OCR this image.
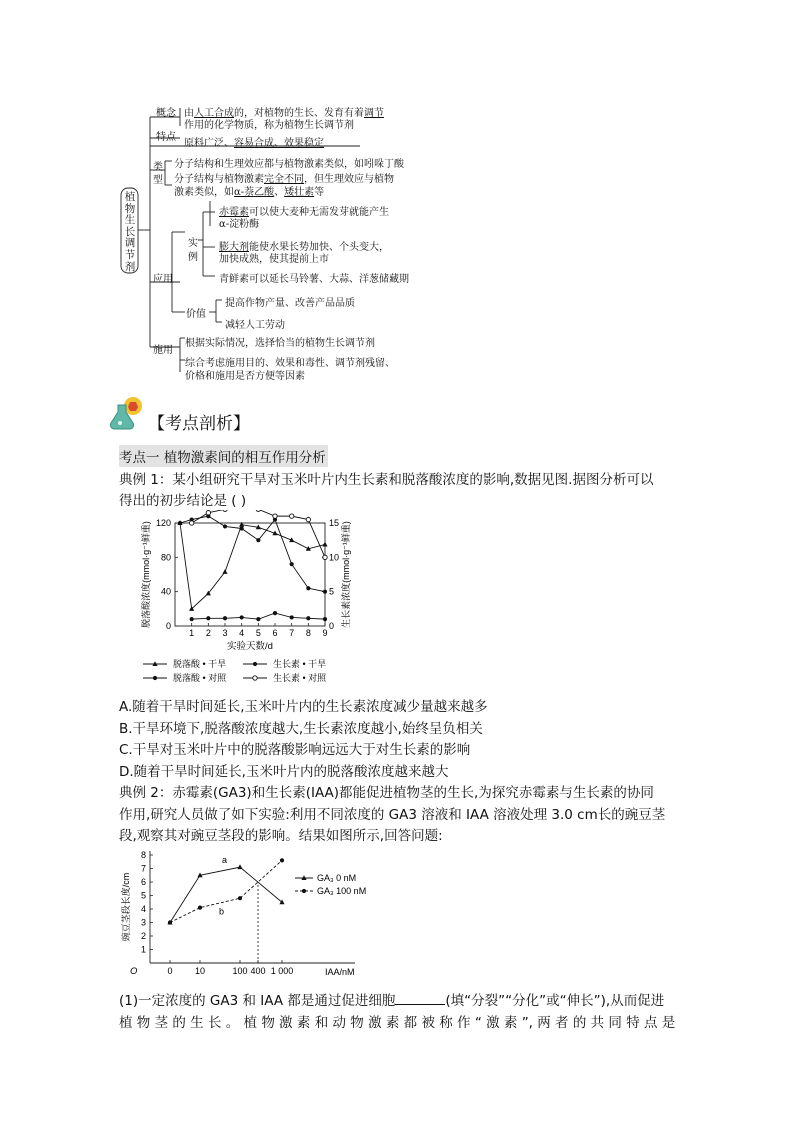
植物生长调节剂
概念 由人工合成的，对植物的生长、发育有着调节
作用的化学物质，称为植物生长调节剂
特点
原料广泛、容易合成、效果稳定
类
型
分子结构和生理效应都与植物激素类似，如吲哚丁酸
分子结构与植物激素完全不同，但生理效应与植物
激素类似，如α-萘乙酸、矮壮素等
应用
实
例
赤霉素可以使大麦种无需发芽就能产生
α-淀粉酶
膨大剂能使水果长势加快、个头变大，
加快成熟，使其提前上市
青鲜素可以延长马铃薯、大蒜、洋葱储藏期
价值
提高作物产量、改善产品品质
减轻人工劳动
施用
根据实际情况，选择恰当的植物生长调节剂
综合考虑施用目的、效果和毒性、调节剂残留、
价格和施用是否方便等因素
【考点剖析】
考点一 植物激素间的相互作用分析
典例 1：某小组研究干旱对玉米叶片内生长素和脱落酸浓度的影响,数据见图.据图分析可以
得出的初步结论是 ( )
0
40
80
120
0
5
10
15
1 2 3 4 5 6 7 8 9
实验天数/d
脱落酸浓度(mmol·g⁻¹鲜重)	生长素浓度(mmol·g⁻¹鲜重)
脱落酸 • 干旱	生长素 • 干旱
脱落酸 • 对照	生长素 • 对照
A.随着干旱时间延长,玉米叶片内的生长素浓度减少量越来越多
B.干旱环境下,脱落酸浓度越大,生长素浓度越小,始终呈负相关
C.干旱对玉米叶片中的脱落酸影响远远大于对生长素的影响
D.随着干旱时间延长,玉米叶片内的脱落酸浓度越来越大
典例 2：赤霉素(GA3)和生长素(IAA)都能促进植物茎的生长,为探究赤霉素与生长素的协同
作用,研究人员做了如下实验:利用不同浓度的 GA3 溶液和 IAA 溶液处理 3.0 cm长的豌豆茎
段,观察其对豌豆茎段的影响。结果如图所示,回答问题:
1
2
3
4
5
6
7
8
0 10	100 400 1 000
O
a
b
IAA/nM
豌豆茎段长度/cm	GA₃ 0 nM
GA₃ 100 nM
(1)一定浓度的 GA3 和 IAA 都是通过促进细胞	(填“分裂”“分化”或“伸长”),从而促进
植 物 茎 的 生 长 。 植 物 激 素 和 动 物 激 素 都 被 称 作 “ 激 素 ”, 两 者 的 共 同 特 点 是
